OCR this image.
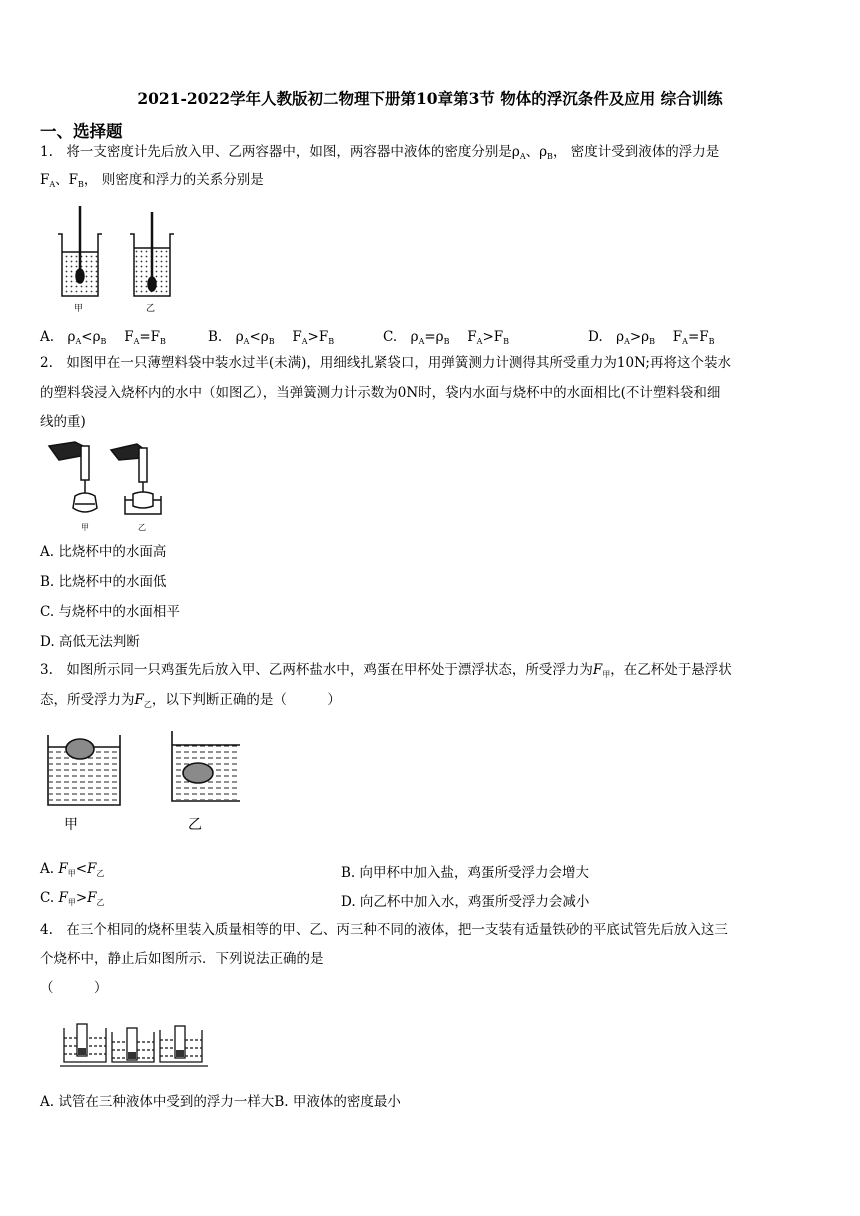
2021-2022学年人教版初二物理下册第10章第3节 物体的浮沉条件及应用 综合训练
一、选择题
1.　将一支密度计先后放入甲、乙两容器中，如图，两容器中液体的密度分别是$\rho_A$、$\rho_B$， 密度计受到液体的浮力是
$F_A$、$F_B$， 则密度和浮力的关系分别是
甲	乙
A.　$\rho_A<\rho_B$　 $F_A=F_B$	B.　$\rho_A<\rho_B$　 $F_A>F_B$	C.　$\rho_A=\rho_B$　 $F_A>F_B$	D.　$\rho_A>\rho_B$　 $F_A=F_B$
2.　如图甲在一只薄塑料袋中装水过半(未满)，用细线扎紧袋口，用弹簧测力计测得其所受重力为10N;再将这个装水
的塑料袋浸入烧杯内的水中（如图乙），当弹簧测力计示数为0N时，袋内水面与烧杯中的水面相比(不计塑料袋和细
线的重)
甲	乙
A. 比烧杯中的水面高
B. 比烧杯中的水面低
C. 与烧杯中的水面相平
D. 高低无法判断
3.　如图所示同一只鸡蛋先后放入甲、乙两杯盐水中，鸡蛋在甲杯处于漂浮状态，所受浮力为$F_甲$，在乙杯处于悬浮状
态，所受浮力为$F_乙$，以下判断正确的是（　　　）
甲	乙
A. $F_甲<F_乙$	B. 向甲杯中加入盐，鸡蛋所受浮力会增大
C. $F_甲>F_乙$	D. 向乙杯中加入水，鸡蛋所受浮力会减小
4.　在三个相同的烧杯里装入质量相等的甲、乙、丙三种不同的液体，把一支装有适量铁砂的平底试管先后放入这三
个烧杯中，静止后如图所示．下列说法正确的是
（　　　）
A. 试管在三种液体中受到的浮力一样大B. 甲液体的密度最小
